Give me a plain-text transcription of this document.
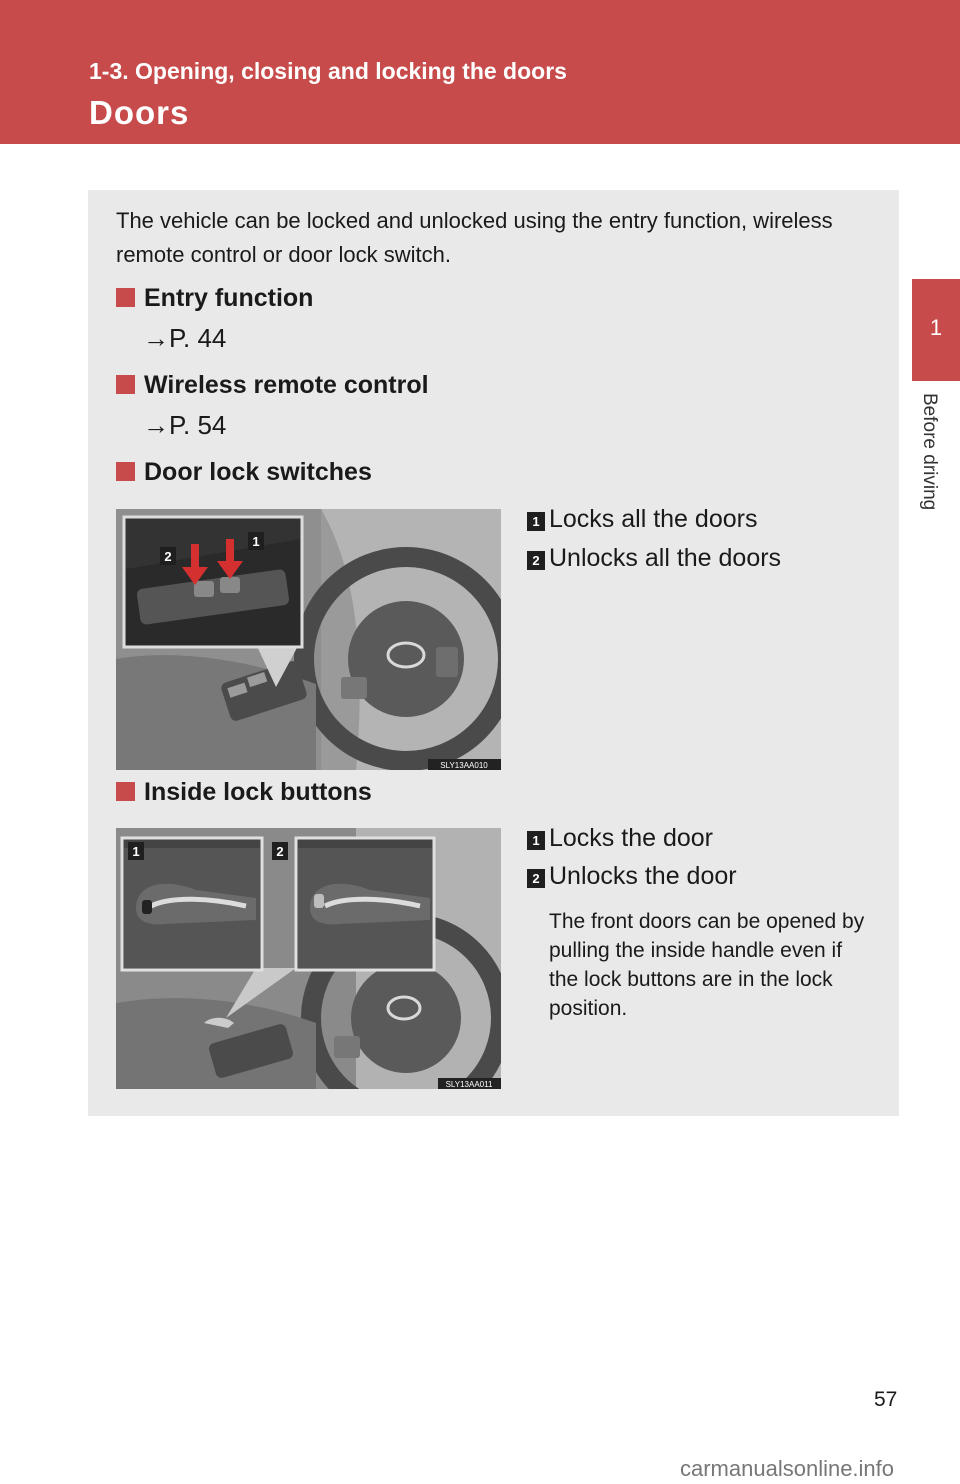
1-3. Opening, closing and locking the doors
Doors
1
Before driving
The vehicle can be locked and unlocked using the entry function, wireless remote control or door lock switch.
Entry function
→P. 44
Wireless remote control
→P. 54
Door lock switches
2
1
SLY13AA010
1 Locks all the doors
2 Unlocks all the doors
Inside lock buttons
1	2
SLY13AA011
1 Locks the door
2 Unlocks the door
The front doors can be opened by pulling the inside handle even if the lock buttons are in the lock position.
57
carmanualsonline.info
